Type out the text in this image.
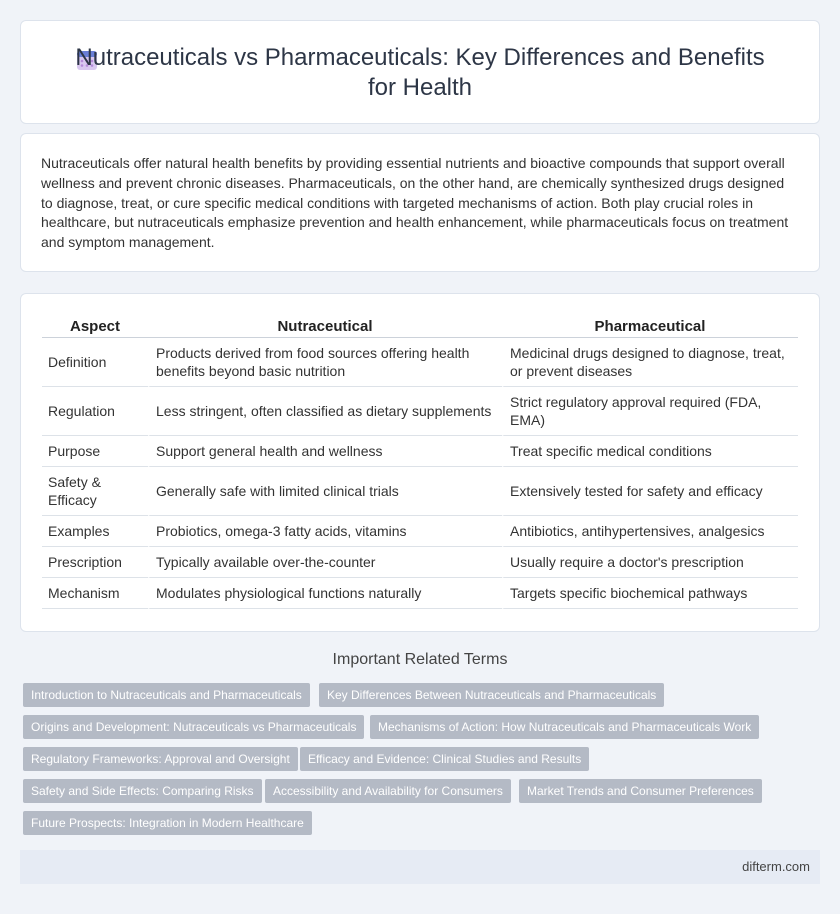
Nutraceuticals vs Pharmaceuticals: Key Differences and Benefits
for Health

Nutraceuticals offer natural health benefits by providing essential nutrients and bioactive compounds that support overall wellness and prevent chronic diseases. Pharmaceuticals, on the other hand, are chemically synthesized drugs designed to diagnose, treat, or cure specific medical conditions with targeted mechanisms of action. Both play crucial roles in healthcare, but nutraceuticals emphasize prevention and health enhancement, while pharmaceuticals focus on treatment and symptom management.

Aspect	Nutraceutical	Pharmaceutical
Definition	Products derived from food sources offering health benefits beyond basic nutrition	Medicinal drugs designed to diagnose, treat, or prevent diseases
Regulation	Less stringent, often classified as dietary supplements	Strict regulatory approval required (FDA, EMA)
Purpose	Support general health and wellness	Treat specific medical conditions
Safety & Efficacy	Generally safe with limited clinical trials	Extensively tested for safety and efficacy
Examples	Probiotics, omega-3 fatty acids, vitamins	Antibiotics, antihypertensives, analgesics
Prescription	Typically available over-the-counter	Usually require a doctor's prescription
Mechanism	Modulates physiological functions naturally	Targets specific biochemical pathways
Important Related Terms
Introduction to Nutraceuticals and Pharmaceuticals	Key Differences Between Nutraceuticals and Pharmaceuticals
Origins and Development: Nutraceuticals vs Pharmaceuticals	Mechanisms of Action: How Nutraceuticals and Pharmaceuticals Work
Regulatory Frameworks: Approval and Oversight	Efficacy and Evidence: Clinical Studies and Results
Safety and Side Effects: Comparing Risks	Accessibility and Availability for Consumers	Market Trends and Consumer Preferences
Future Prospects: Integration in Modern Healthcare
difterm.com
